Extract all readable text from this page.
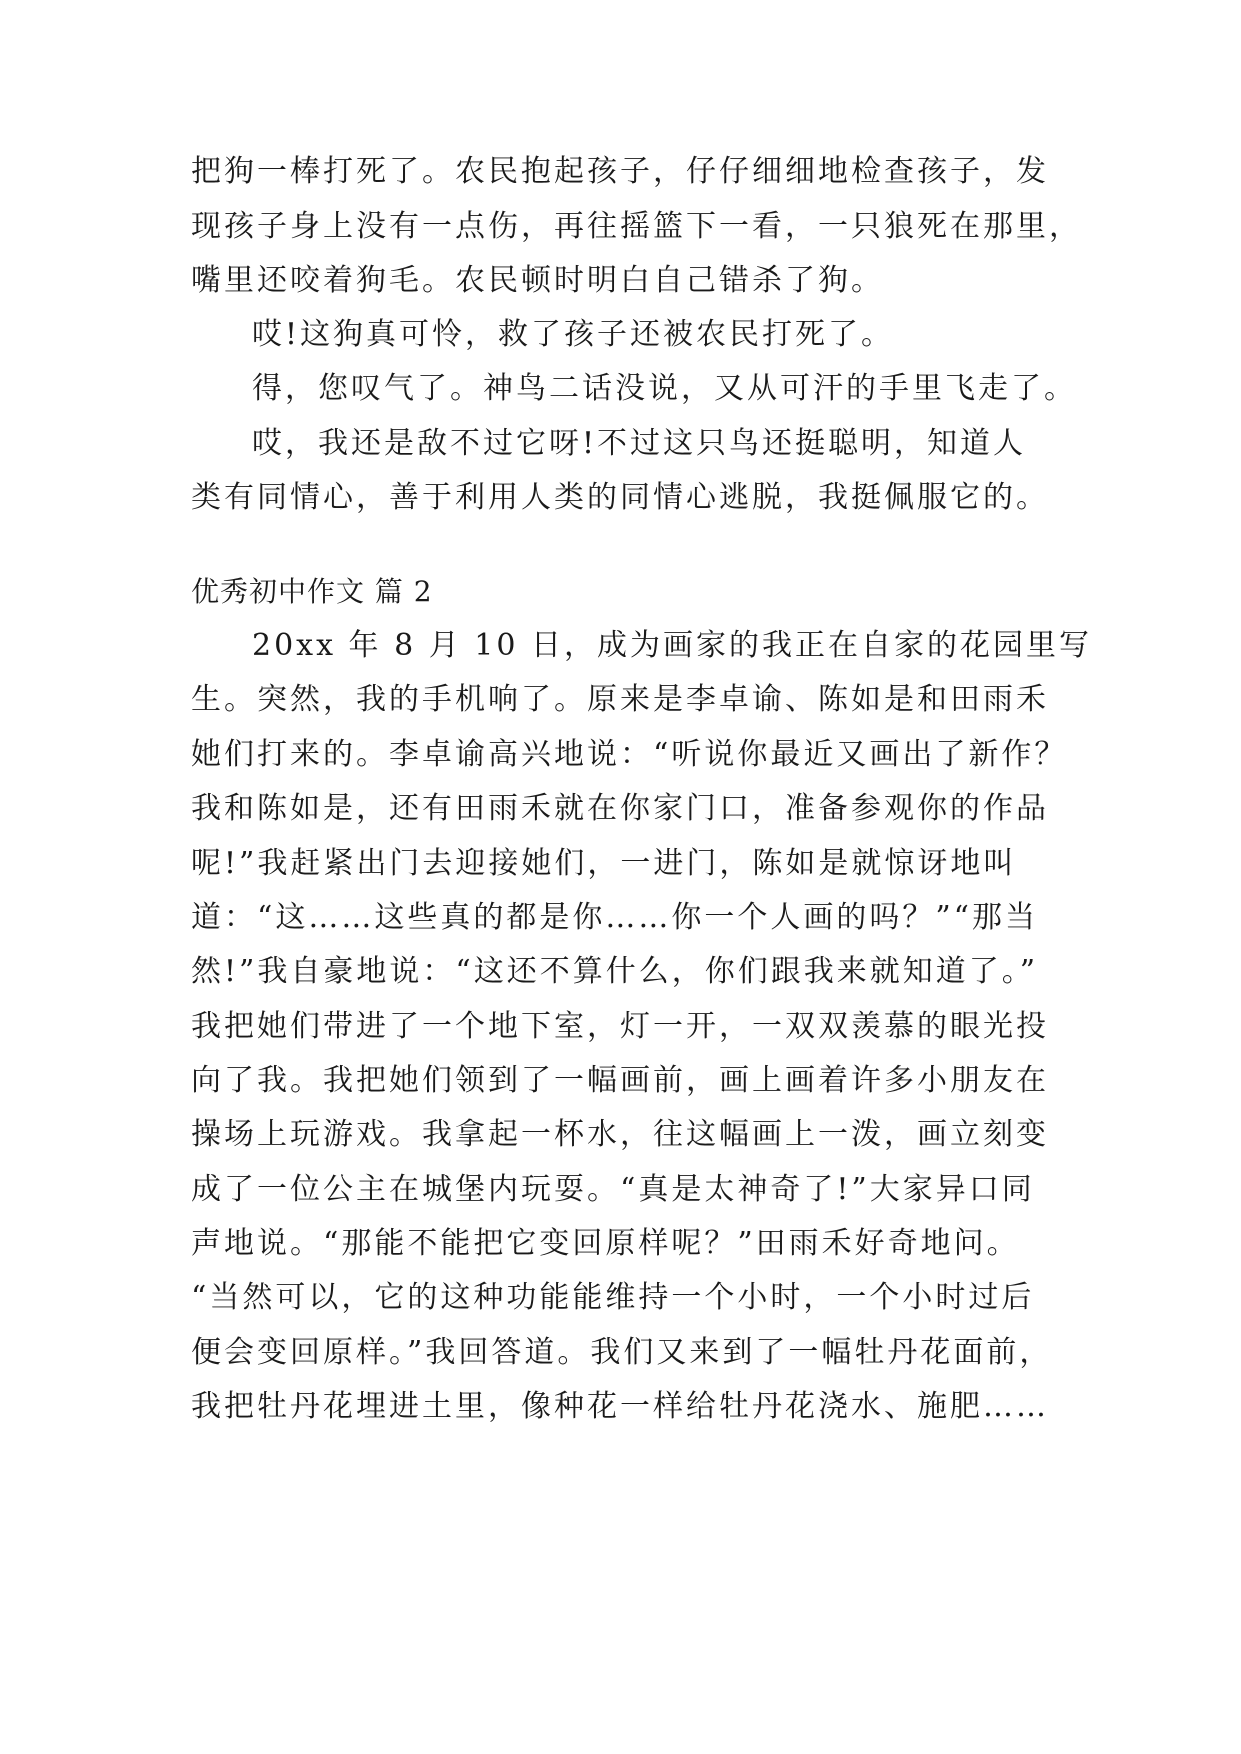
把狗一棒打死了。农民抱起孩子，仔仔细细地检查孩子，发
现孩子身上没有一点伤，再往摇篮下一看，一只狼死在那里，
嘴里还咬着狗毛。农民顿时明白自己错杀了狗。
哎!这狗真可怜，救了孩子还被农民打死了。
得，您叹气了。神鸟二话没说，又从可汗的手里飞走了。
哎，我还是敌不过它呀!不过这只鸟还挺聪明，知道人
类有同情心，善于利用人类的同情心逃脱，我挺佩服它的。
优秀初中作文 篇 2
20xx 年 8 月 10 日，成为画家的我正在自家的花园里写
生。突然，我的手机响了。原来是李卓谕、陈如是和田雨禾
她们打来的。李卓谕高兴地说：“听说你最近又画出了新作？
我和陈如是，还有田雨禾就在你家门口，准备参观你的作品
呢!”我赶紧出门去迎接她们，一进门，陈如是就惊讶地叫
道：“这……这些真的都是你……你一个人画的吗？”“那当
然!”我自豪地说：“这还不算什么，你们跟我来就知道了。”
我把她们带进了一个地下室，灯一开，一双双羡慕的眼光投
向了我。我把她们领到了一幅画前，画上画着许多小朋友在
操场上玩游戏。我拿起一杯水，往这幅画上一泼，画立刻变
成了一位公主在城堡内玩耍。“真是太神奇了!”大家异口同
声地说。“那能不能把它变回原样呢？”田雨禾好奇地问。
“当然可以，它的这种功能能维持一个小时，一个小时过后
便会变回原样。”我回答道。我们又来到了一幅牡丹花面前，
我把牡丹花埋进土里，像种花一样给牡丹花浇水、施肥……
